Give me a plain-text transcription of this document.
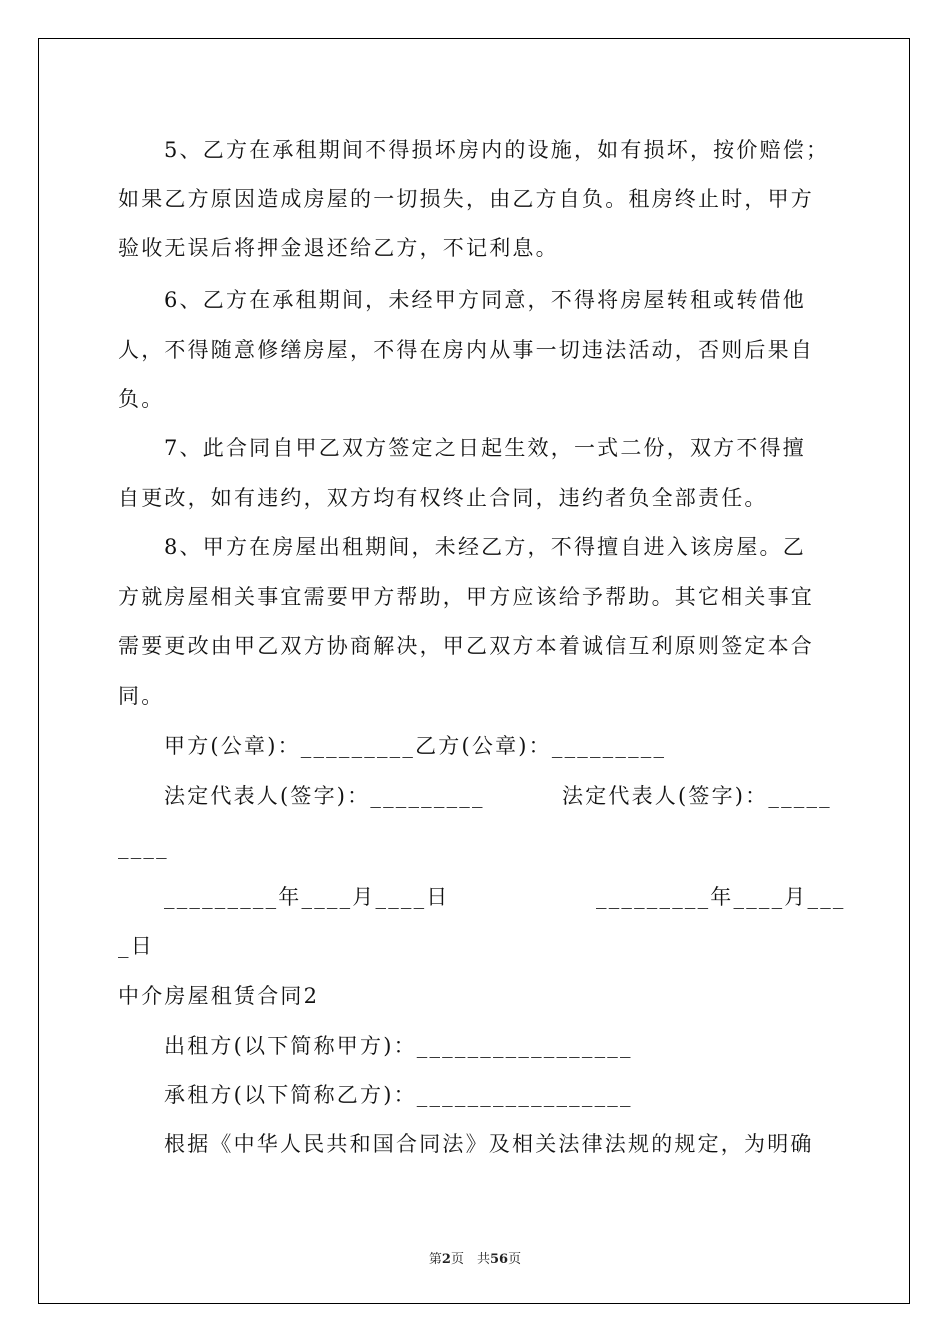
5、乙方在承租期间不得损坏房内的设施，如有损坏，按价赔偿；
如果乙方原因造成房屋的一切损失，由乙方自负。租房终止时，甲方
验收无误后将押金退还给乙方，不记利息。
6、乙方在承租期间，未经甲方同意，不得将房屋转租或转借他
人，不得随意修缮房屋，不得在房内从事一切违法活动，否则后果自
负。
7、此合同自甲乙双方签定之日起生效，一式二份，双方不得擅
自更改，如有违约，双方均有权终止合同，违约者负全部责任。
8、甲方在房屋出租期间，未经乙方，不得擅自进入该房屋。乙
方就房屋相关事宜需要甲方帮助，甲方应该给予帮助。其它相关事宜
需要更改由甲乙双方协商解决，甲乙双方本着诚信互利原则签定本合
同。
甲方(公章)：_________乙方(公章)：_________
法定代表人(签字)：_________	法定代表人(签字)：_____
____
_________年____月____日	_________年____月___
_日
中介房屋租赁合同2
出租方(以下简称甲方)：_________________
承租方(以下简称乙方)：_________________
根据《中华人民共和国合同法》及相关法律法规的规定，为明确
第2页　共56页
